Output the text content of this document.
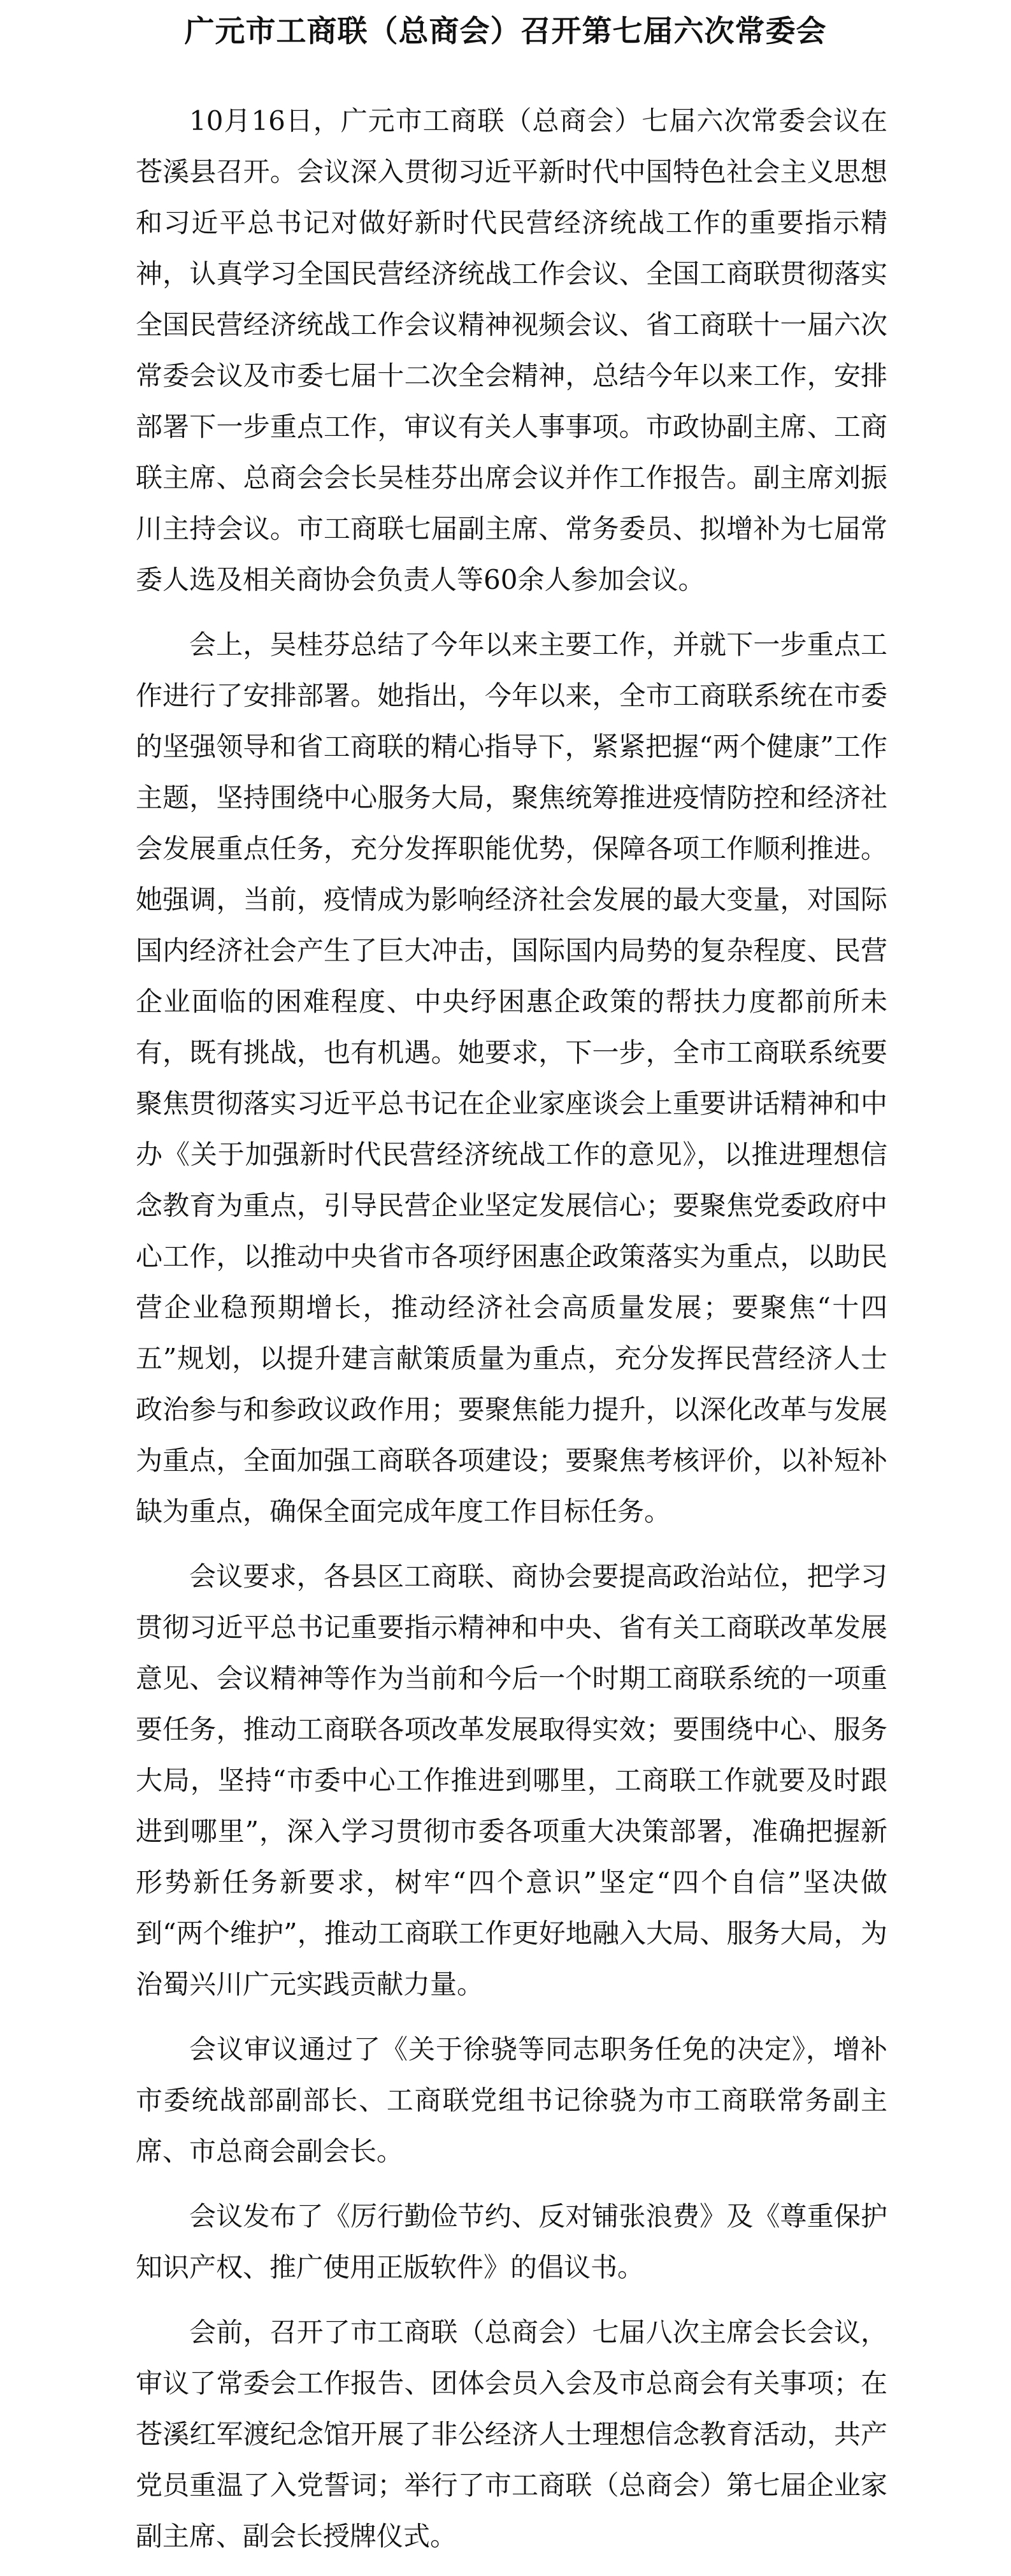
广元市工商联（总商会）召开第七届六次常委会

10月16日，广元市工商联（总商会）七届六次常委会议在苍溪县召开。会议深入贯彻习近平新时代中国特色社会主义思想和习近平总书记对做好新时代民营经济统战工作的重要指示精神，认真学习全国民营经济统战工作会议、全国工商联贯彻落实全国民营经济统战工作会议精神视频会议、省工商联十一届六次常委会议及市委七届十二次全会精神，总结今年以来工作，安排部署下一步重点工作，审议有关人事事项。市政协副主席、工商联主席、总商会会长吴桂芬出席会议并作工作报告。副主席刘振川主持会议。市工商联七届副主席、常务委员、拟增补为七届常委人选及相关商协会负责人等60余人参加会议。

会上，吴桂芬总结了今年以来主要工作，并就下一步重点工作进行了安排部署。她指出，今年以来，全市工商联系统在市委的坚强领导和省工商联的精心指导下，紧紧把握“两个健康”工作主题，坚持围绕中心服务大局，聚焦统筹推进疫情防控和经济社会发展重点任务，充分发挥职能优势，保障各项工作顺利推进。她强调，当前，疫情成为影响经济社会发展的最大变量，对国际国内经济社会产生了巨大冲击，国际国内局势的复杂程度、民营企业面临的困难程度、中央纾困惠企政策的帮扶力度都前所未有，既有挑战，也有机遇。她要求，下一步，全市工商联系统要聚焦贯彻落实习近平总书记在企业家座谈会上重要讲话精神和中办《关于加强新时代民营经济统战工作的意见》，以推进理想信念教育为重点，引导民营企业坚定发展信心；要聚焦党委政府中心工作，以推动中央省市各项纾困惠企政策落实为重点，以助民营企业稳预期增长，推动经济社会高质量发展；要聚焦“十四五”规划，以提升建言献策质量为重点，充分发挥民营经济人士政治参与和参政议政作用；要聚焦能力提升，以深化改革与发展为重点，全面加强工商联各项建设；要聚焦考核评价，以补短补缺为重点，确保全面完成年度工作目标任务。

会议要求，各县区工商联、商协会要提高政治站位，把学习贯彻习近平总书记重要指示精神和中央、省有关工商联改革发展意见、会议精神等作为当前和今后一个时期工商联系统的一项重要任务，推动工商联各项改革发展取得实效；要围绕中心、服务大局，坚持“市委中心工作推进到哪里，工商联工作就要及时跟进到哪里”，深入学习贯彻市委各项重大决策部署，准确把握新形势新任务新要求，树牢“四个意识”坚定“四个自信”坚决做到“两个维护”，推动工商联工作更好地融入大局、服务大局，为治蜀兴川广元实践贡献力量。

会议审议通过了《关于徐骁等同志职务任免的决定》，增补市委统战部副部长、工商联党组书记徐骁为市工商联常务副主席、市总商会副会长。

会议发布了《厉行勤俭节约、反对铺张浪费》及《尊重保护知识产权、推广使用正版软件》的倡议书。

会前，召开了市工商联（总商会）七届八次主席会长会议，审议了常委会工作报告、团体会员入会及市总商会有关事项；在苍溪红军渡纪念馆开展了非公经济人士理想信念教育活动，共产党员重温了入党誓词；举行了市工商联（总商会）第七届企业家副主席、副会长授牌仪式。
